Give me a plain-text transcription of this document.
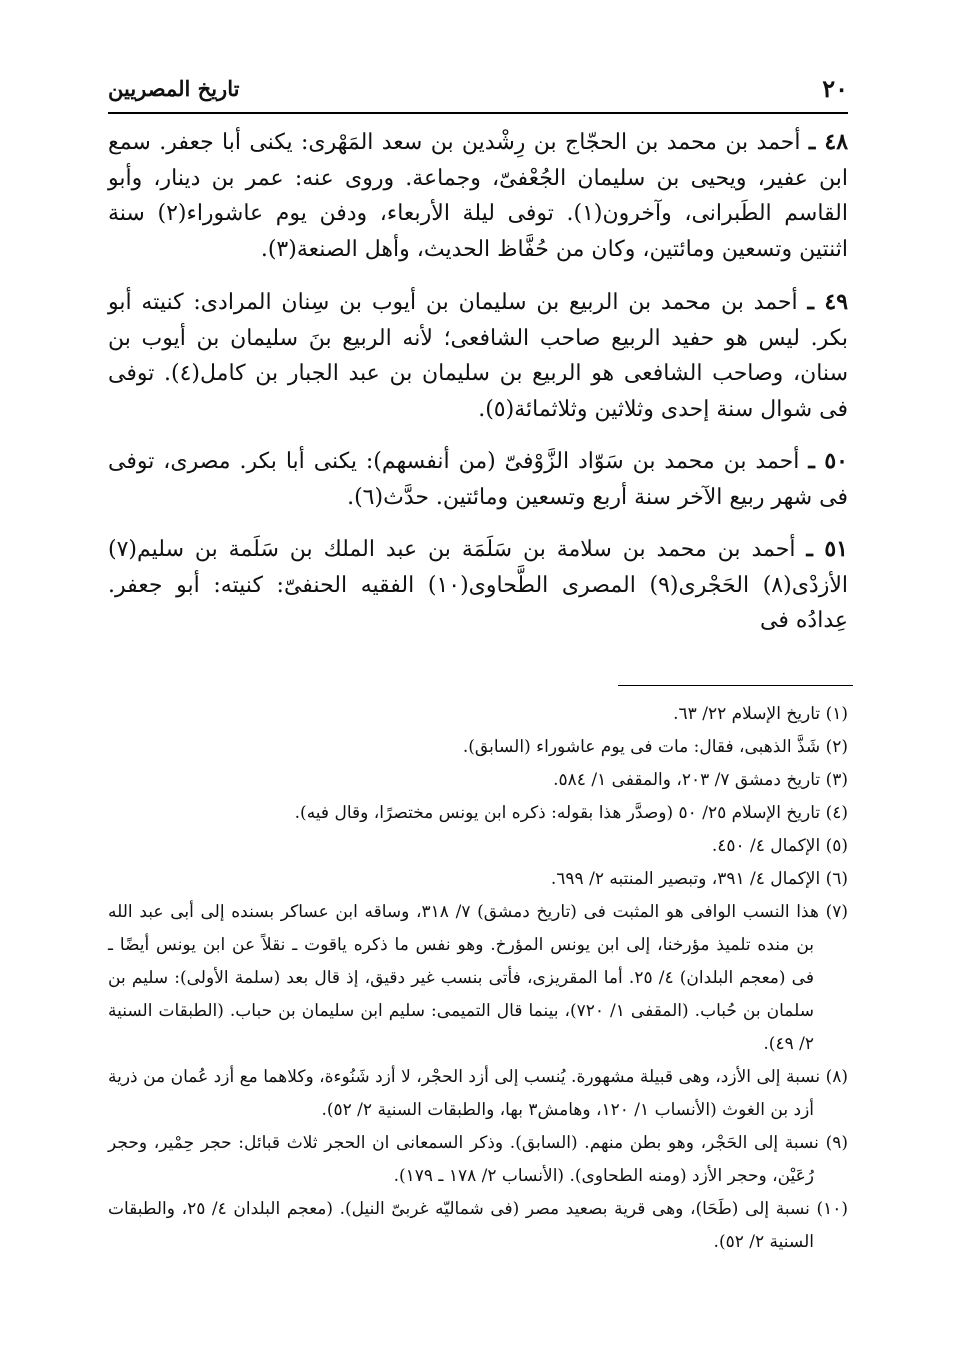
٢٠
تاريخ المصريين

٤٨ ـ أحمد بن محمد بن الحجّاج بن رِشْدين بن سعد المَهْرى: يكنى أبا جعفر. سمع ابن عفير، ويحيى بن سليمان الجُعْفىّ، وجماعة. وروى عنه: عمر بن دينار، وأبو القاسم الطَبرانى، وآخرون(١). توفى ليلة الأربعاء، ودفن يوم عاشوراء(٢) سنة اثنتين وتسعين ومائتين، وكان من حُفَّاظ الحديث، وأهل الصنعة(٣).

٤٩ ـ أحمد بن محمد بن الربيع بن سليمان بن أيوب بن سِنان المرادى: كنيته أبو بكر. ليس هو حفيد الربيع صاحب الشافعى؛ لأنه الربيع بنَ سليمان بن أيوب بن سنان، وصاحب الشافعى هو الربيع بن سليمان بن عبد الجبار بن كامل(٤). توفى فى شوال سنة إحدى وثلاثين وثلاثمائة(٥).

٥٠ ـ أحمد بن محمد بن سَوّاد الزَّوْفىّ (من أنفسهم): يكنى أبا بكر. مصرى، توفى فى شهر ربيع الآخر سنة أربع وتسعين ومائتين. حدَّث(٦).

٥١ ـ أحمد بن محمد بن سلامة بن سَلَمَة بن عبد الملك بن سَلَمة بن سليم(٧) الأزدْى(٨) الحَجْرى(٩) المصرى الطَّحاوى(١٠) الفقيه الحنفىّ: كنيته: أبو جعفر. عِدادُه فى

(١) تاريخ الإسلام ٢٢/ ٦٣.
(٢) شَذَّ الذهبى، فقال: مات فى يوم عاشوراء (السابق).
(٣) تاريخ دمشق ٧/ ٢٠٣، والمقفى ١/ ٥٨٤.
(٤) تاريخ الإسلام ٢٥/ ٥٠ (وصدَّر هذا بقوله: ذكره ابن يونس مختصرًا، وقال فيه).
(٥) الإكمال ٤/ ٤٥٠.
(٦) الإكمال ٤/ ٣٩١، وتبصير المنتبه ٢/ ٦٩٩.
(٧) هذا النسب الوافى هو المثبت فى (تاريخ دمشق) ٧/ ٣١٨، وساقه ابن عساكر بسنده إلى أبى عبد الله بن منده تلميذ مؤرخنا، إلى ابن يونس المؤرخ. وهو نفس ما ذكره ياقوت ـ نقلاً عن ابن يونس أيضًا ـ فى (معجم البلدان) ٤/ ٢٥. أما المقريزى، فأتى بنسب غير دقيق، إذ قال بعد (سلمة الأولى): سليم بن سلمان بن حُباب. (المقفى ١/ ٧٢٠)، بينما قال التميمى: سليم ابن سليمان بن حباب. (الطبقات السنية ٢/ ٤٩).
(٨) نسبة إلى الأزد، وهى قبيلة مشهورة. يُنسب إلى أزد الحجْر، لا أزد شَنُوءة، وكلاهما مع أزد عُمان من ذرية أزد بن الغوث (الأنساب ١/ ١٢٠، وهامش٣ بها، والطبقات السنية ٢/ ٥٢).
(٩) نسبة إلى الحَجْر، وهو بطن منهم. (السابق). وذكر السمعانى ان الحجر ثلاث قبائل: حجر حِمْير، وحجر رُعَيْن، وحجر الأزد (ومنه الطحاوى). (الأنساب ٢/ ١٧٨ ـ ١٧٩).
(١٠) نسبة إلى (طَحَا)، وهى قرية بصعيد مصر (فى شماليّه غربىّ النيل). (معجم البلدان ٤/ ٢٥، والطبقات السنية ٢/ ٥٢).
